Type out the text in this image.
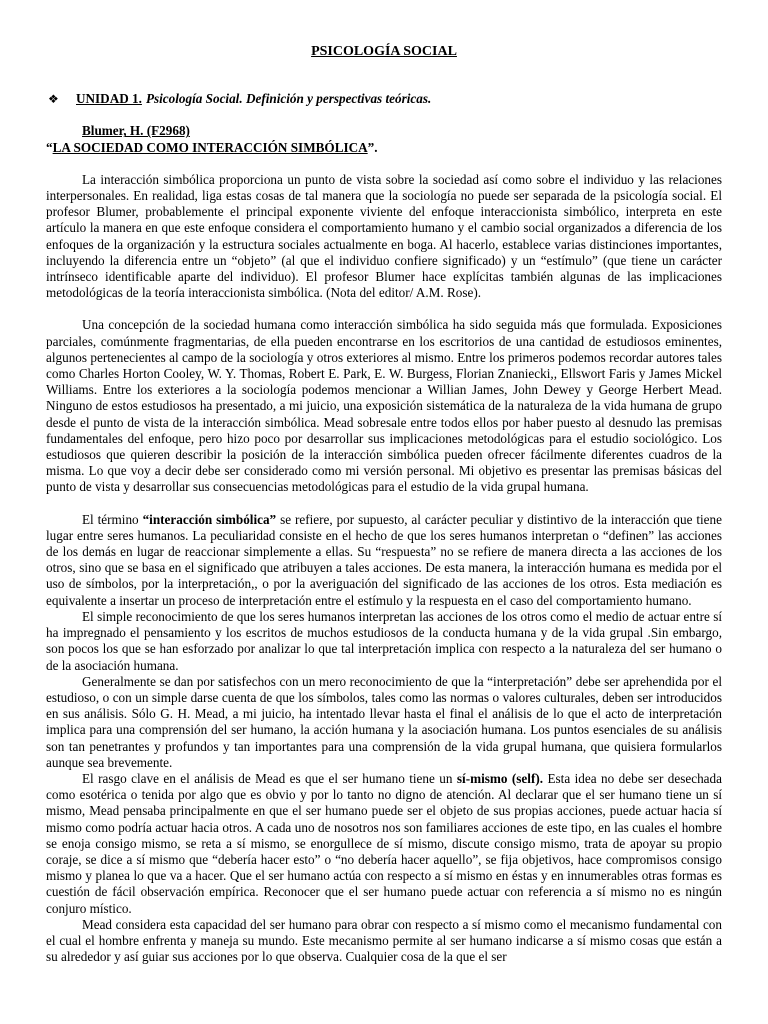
PSICOLOGÍA SOCIAL
❖	UNIDAD 1. Psicología Social. Definición y perspectivas teóricas.
Blumer, H. (F2968)
“LA SOCIEDAD COMO INTERACCIÓN SIMBÓLICA”.

La interacción simbólica proporciona un punto de vista sobre la sociedad así como sobre el individuo y las relaciones interpersonales. En realidad, liga estas cosas de tal manera que la sociología no puede ser separada de la psicología social. El profesor Blumer, probablemente el principal exponente viviente del enfoque interaccionista simbólico, interpreta en este artículo la manera en que este enfoque considera el comportamiento humano y el cambio social organizados a diferencia de los enfoques de la organización y la estructura sociales actualmente en boga. Al hacerlo, establece varias distinciones importantes, incluyendo la diferencia entre un “objeto” (al que el individuo confiere significado) y un “estímulo” (que tiene un carácter intrínseco identificable aparte del individuo). El profesor Blumer hace explícitas también algunas de las implicaciones metodológicas de la teoría interaccionista simbólica. (Nota del editor/ A.M. Rose).

Una concepción de la sociedad humana como interacción simbólica ha sido seguida más que formulada. Exposiciones parciales, comúnmente fragmentarias, de ella pueden encontrarse en los escritorios de una cantidad de estudiosos eminentes, algunos pertenecientes al campo de la sociología y otros exteriores al mismo. Entre los primeros podemos recordar autores tales como Charles Horton Cooley, W. Y. Thomas, Robert E. Park, E. W. Burgess, Florian Znaniecki,, Ellswort Faris y James Mickel Williams. Entre los exteriores a la sociología podemos mencionar a Willian James, John Dewey y George Herbert Mead. Ninguno de estos estudiosos ha presentado, a mi juicio, una exposición sistemática de la naturaleza de la vida humana de grupo desde el punto de vista de la interacción simbólica. Mead sobresale entre todos ellos por haber puesto al desnudo las premisas fundamentales del enfoque, pero hizo poco por desarrollar sus implicaciones metodológicas para el estudio sociológico. Los estudiosos que quieren describir la posición de la interacción simbólica pueden ofrecer fácilmente diferentes cuadros de la misma. Lo que voy a decir debe ser considerado como mi versión personal. Mi objetivo es presentar las premisas básicas del punto de vista y desarrollar sus consecuencias metodológicas para el estudio de la vida grupal humana.

El término “interacción simbólica” se refiere, por supuesto, al carácter peculiar y distintivo de la interacción que tiene lugar entre seres humanos. La peculiaridad consiste en el hecho de que los seres humanos interpretan o “definen” las acciones de los demás en lugar de reaccionar simplemente a ellas. Su “respuesta” no se refiere de manera directa a las acciones de los otros, sino que se basa en el significado que atribuyen a tales acciones. De esta manera, la interacción humana es medida por el uso de símbolos, por la interpretación,, o por la averiguación del significado de las acciones de los otros. Esta mediación es equivalente a insertar un proceso de interpretación entre el estímulo y la respuesta en el caso del comportamiento humano.

El simple reconocimiento de que los seres humanos interpretan las acciones de los otros como el medio de actuar entre sí ha impregnado el pensamiento y los escritos de muchos estudiosos de la conducta humana y de la vida grupal .Sin embargo, son pocos los que se han esforzado por analizar lo que tal interpretación implica con respecto a la naturaleza del ser humano o de la asociación humana.

Generalmente se dan por satisfechos con un mero reconocimiento de que la “interpretación” debe ser aprehendida por el estudioso, o con un simple darse cuenta de que los símbolos, tales como las normas o valores culturales, deben ser introducidos en sus análisis. Sólo G. H. Mead, a mi juicio, ha intentado llevar hasta el final el análisis de lo que el acto de interpretación implica para una comprensión del ser humano, la acción humana y la asociación humana. Los puntos esenciales de su análisis son tan penetrantes y profundos y tan importantes para una comprensión de la vida grupal humana, que quisiera formularlos aunque sea brevemente.

El rasgo clave en el análisis de Mead es que el ser humano tiene un sí-mismo (self). Esta idea no debe ser desechada como esotérica o tenida por algo que es obvio y por lo tanto no digno de atención. Al declarar que el ser humano tiene un sí mismo, Mead pensaba principalmente en que el ser humano puede ser el objeto de sus propias acciones, puede actuar hacia sí mismo como podría actuar hacia otros. A cada uno de nosotros nos son familiares acciones de este tipo, en las cuales el hombre se enoja consigo mismo, se reta a sí mismo, se enorgullece de sí mismo, discute consigo mismo, trata de apoyar su propio coraje, se dice a sí mismo que “debería hacer esto” o “no debería hacer aquello”, se fija objetivos, hace compromisos consigo mismo y planea lo que va a hacer. Que el ser humano actúa con respecto a sí mismo en éstas y en innumerables otras formas es cuestión de fácil observación empírica. Reconocer que el ser humano puede actuar con referencia a sí mismo no es ningún conjuro místico.

Mead considera esta capacidad del ser humano para obrar con respecto a sí mismo como el mecanismo fundamental con el cual el hombre enfrenta y maneja su mundo. Este mecanismo permite al ser humano indicarse a sí mismo cosas que están a su alrededor y así guiar sus acciones por lo que observa. Cualquier cosa de la que el ser
